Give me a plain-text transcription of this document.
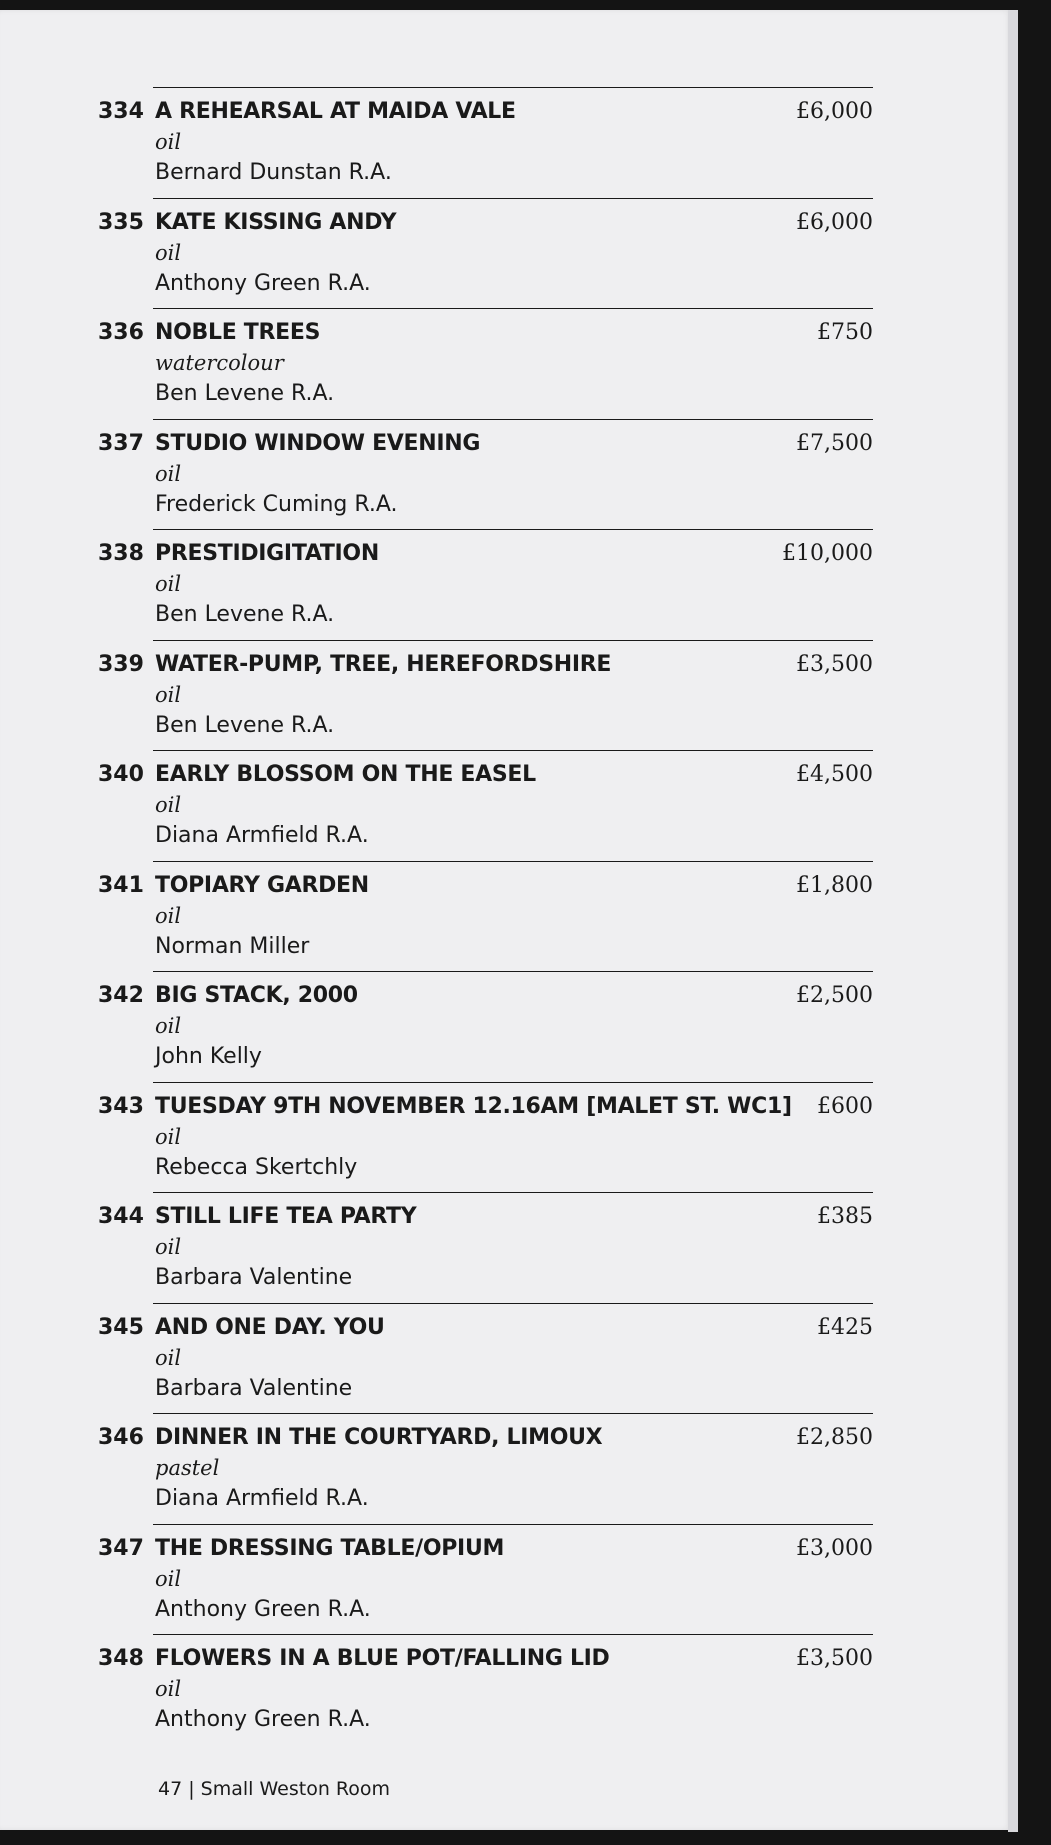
334 A REHEARSAL AT MAIDA VALE
oil
Bernard Dunstan R.A.
£6,000
335 KATE KISSING ANDY
oil
Anthony Green R.A.
£6,000
336 NOBLE TREES
watercolour
Ben Levene R.A.
£750
337 STUDIO WINDOW EVENING
oil
Frederick Cuming R.A.
£7,500
338 PRESTIDIGITATION
oil
Ben Levene R.A.
£10,000
339 WATER-PUMP, TREE, HEREFORDSHIRE
oil
Ben Levene R.A.
£3,500
340 EARLY BLOSSOM ON THE EASEL
oil
Diana Armfield R.A.
£4,500
341 TOPIARY GARDEN
oil
Norman Miller
£1,800
342 BIG STACK, 2000
oil
John Kelly
£2,500
343 TUESDAY 9TH NOVEMBER 12.16AM [MALET ST. WC1]
oil
Rebecca Skertchly
£600
344 STILL LIFE TEA PARTY
oil
Barbara Valentine
£385
345 AND ONE DAY. YOU
oil
Barbara Valentine
£425
346 DINNER IN THE COURTYARD, LIMOUX
pastel
Diana Armfield R.A.
£2,850
347 THE DRESSING TABLE/OPIUM
oil
Anthony Green R.A.
£3,000
348 FLOWERS IN A BLUE POT/FALLING LID
oil
Anthony Green R.A.
£3,500
47 | Small Weston Room
